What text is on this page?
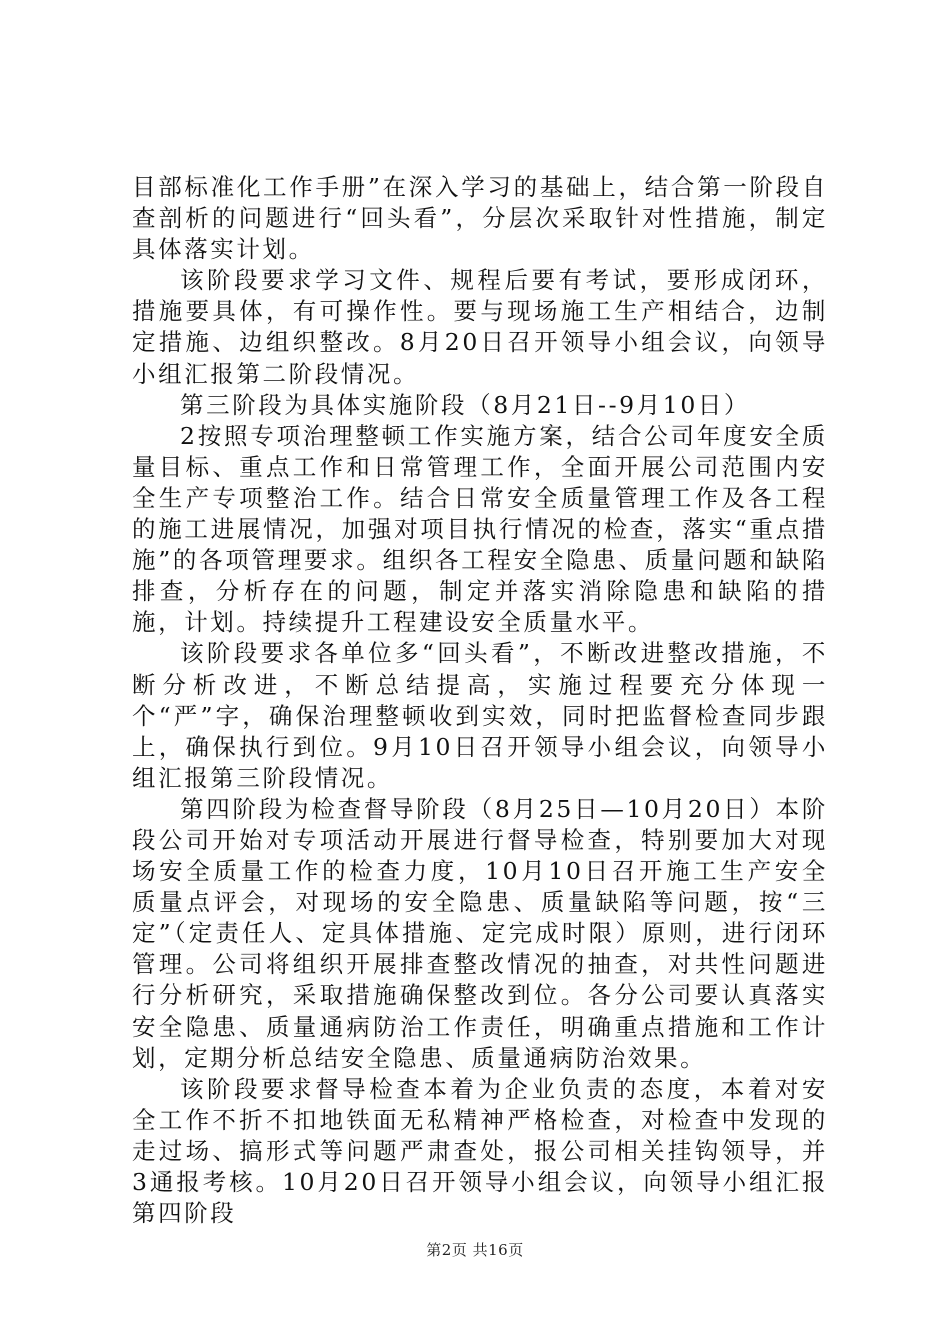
目部标准化工作手册”在深入学习的基础上，结合第一阶段自查剖析的问题进行“回头看”，分层次采取针对性措施，制定具体落实计划。

该阶段要求学习文件、规程后要有考试，要形成闭环，措施要具体，有可操作性。要与现场施工生产相结合，边制定措施、边组织整改。8月20日召开领导小组会议，向领导小组汇报第二阶段情况。

第三阶段为具体实施阶段（8月21日--9月10日）

2按照专项治理整顿工作实施方案，结合公司年度安全质量目标、重点工作和日常管理工作，全面开展公司范围内安全生产专项整治工作。结合日常安全质量管理工作及各工程的施工进展情况，加强对项目执行情况的检查，落实“重点措施”的各项管理要求。组织各工程安全隐患、质量问题和缺陷排查，分析存在的问题，制定并落实消除隐患和缺陷的措施，计划。持续提升工程建设安全质量水平。

该阶段要求各单位多“回头看”，不断改进整改措施，不断分析改进，不断总结提高，实施过程要充分体现一个“严”字，确保治理整顿收到实效，同时把监督检查同步跟上，确保执行到位。9月10日召开领导小组会议，向领导小组汇报第三阶段情况。

第四阶段为检查督导阶段（8月25日—10月20日）本阶段公司开始对专项活动开展进行督导检查，特别要加大对现场安全质量工作的检查力度，10月10日召开施工生产安全质量点评会，对现场的安全隐患、质量缺陷等问题，按“三定”（定责任人、定具体措施、定完成时限）原则，进行闭环管理。公司将组织开展排查整改情况的抽查，对共性问题进行分析研究，采取措施确保整改到位。各分公司要认真落实安全隐患、质量通病防治工作责任，明确重点措施和工作计划，定期分析总结安全隐患、质量通病防治效果。

该阶段要求督导检查本着为企业负责的态度，本着对安全工作不折不扣地铁面无私精神严格检查，对检查中发现的走过场、搞形式等问题严肃查处，报公司相关挂钩领导，并3通报考核。10月20日召开领导小组会议，向领导小组汇报第四阶段

第2页 共16页
